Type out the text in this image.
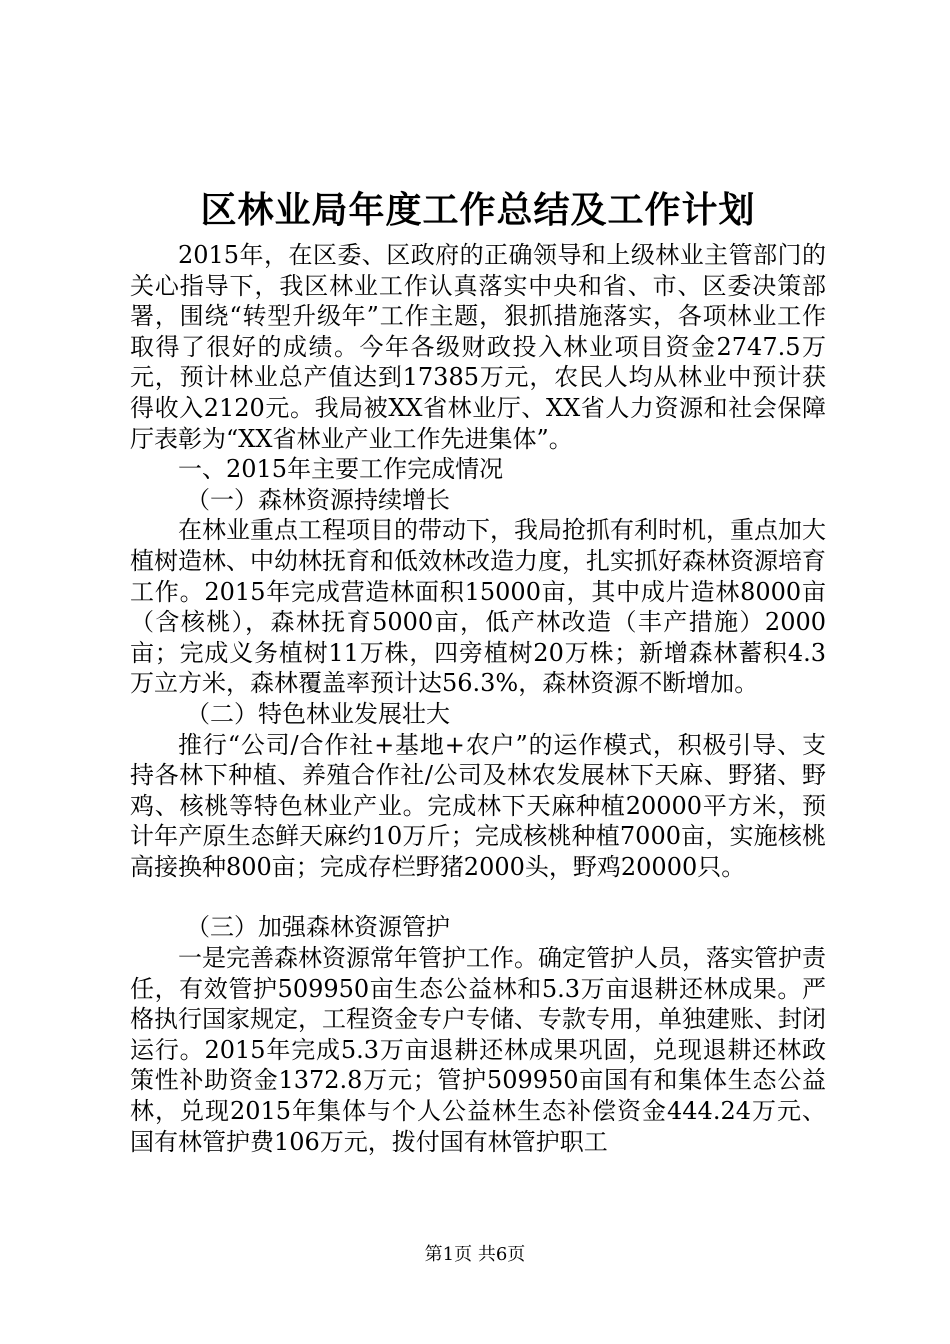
区林业局年度工作总结及工作计划

2015年，在区委、区政府的正确领导和上级林业主管部门的关心指导下，我区林业工作认真落实中央和省、市、区委决策部署，围绕“转型升级年”工作主题，狠抓措施落实，各项林业工作取得了很好的成绩。今年各级财政投入林业项目资金2747.5万元，预计林业总产值达到17385万元，农民人均从林业中预计获得收入2120元。我局被XX省林业厅、XX省人力资源和社会保障厅表彰为“XX省林业产业工作先进集体”。

一、2015年主要工作完成情况

（一）森林资源持续增长

在林业重点工程项目的带动下，我局抢抓有利时机，重点加大植树造林、中幼林抚育和低效林改造力度，扎实抓好森林资源培育工作。2015年完成营造林面积15000亩，其中成片造林8000亩（含核桃），森林抚育5000亩，低产林改造（丰产措施）2000亩；完成义务植树11万株，四旁植树20万株；新增森林蓄积4.3万立方米，森林覆盖率预计达56.3%，森林资源不断增加。

（二）特色林业发展壮大

推行“公司/合作社+基地+农户”的运作模式，积极引导、支持各林下种植、养殖合作社/公司及林农发展林下天麻、野猪、野鸡、核桃等特色林业产业。完成林下天麻种植20000平方米，预计年产原生态鲜天麻约10万斤；完成核桃种植7000亩，实施核桃高接换种800亩；完成存栏野猪2000头，野鸡20000只。

（三）加强森林资源管护

一是完善森林资源常年管护工作。确定管护人员，落实管护责任，有效管护509950亩生态公益林和5.3万亩退耕还林成果。严格执行国家规定，工程资金专户专储、专款专用，单独建账、封闭运行。2015年完成5.3万亩退耕还林成果巩固，兑现退耕还林政策性补助资金1372.8万元；管护509950亩国有和集体生态公益林，兑现2015年集体与个人公益林生态补偿资金444.24万元、国有林管护费106万元，拨付国有林管护职工

第1页 共6页
